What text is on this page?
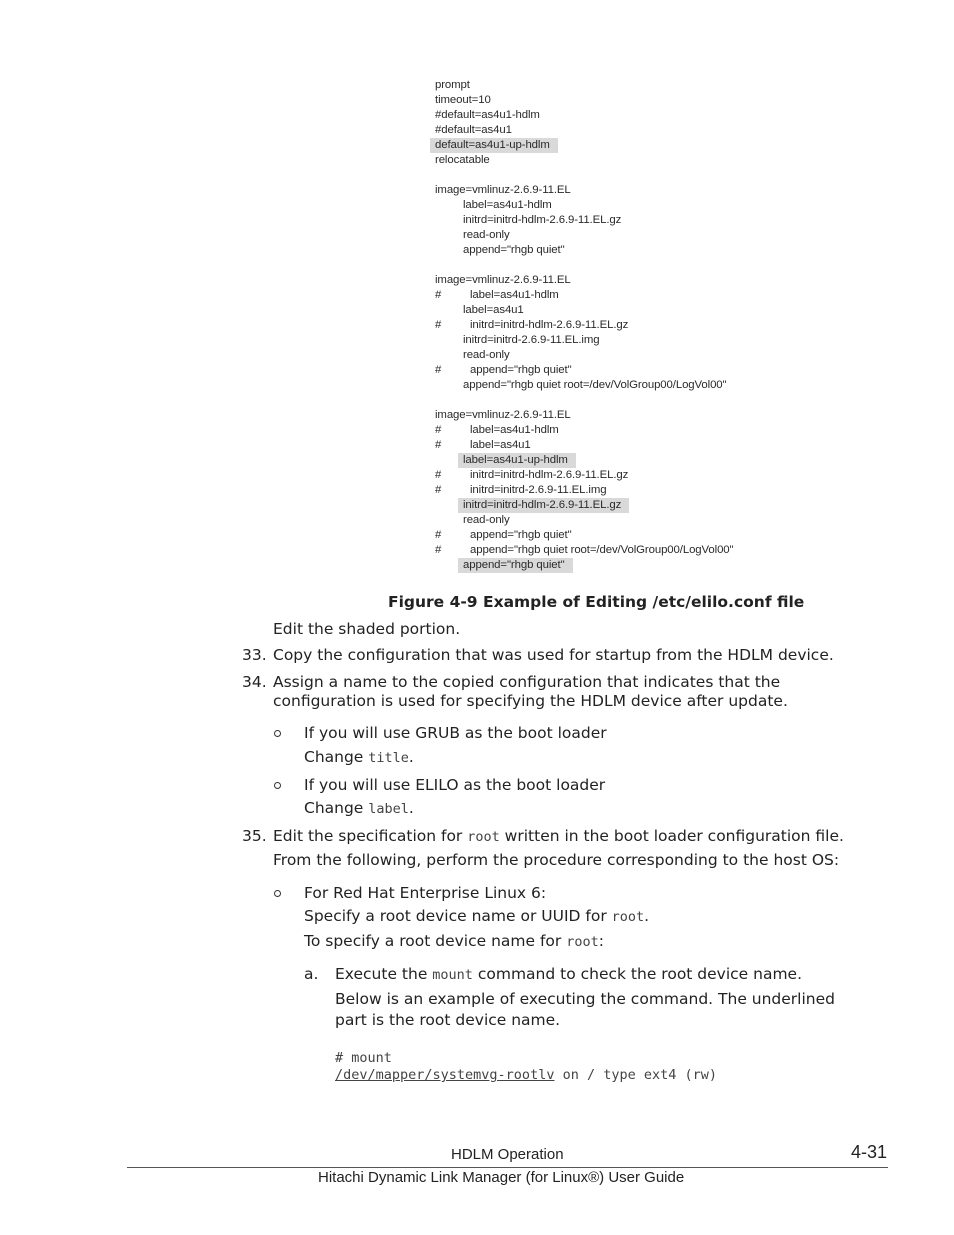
prompt
timeout=10
#default=as4u1-hdlm
#default=as4u1
default=as4u1-up-hdlm
relocatable
image=vmlinuz-2.6.9-11.EL
label=as4u1-hdlm
initrd=initrd-hdlm-2.6.9-11.EL.gz
read-only
append="rhgb quiet"
image=vmlinuz-2.6.9-11.EL
#	label=as4u1-hdlm
label=as4u1
#	initrd=initrd-hdlm-2.6.9-11.EL.gz
initrd=initrd-2.6.9-11.EL.img
read-only
#	append="rhgb quiet"
append="rhgb quiet root=/dev/VolGroup00/LogVol00"
image=vmlinuz-2.6.9-11.EL
#	label=as4u1-hdlm
#	label=as4u1
label=as4u1-up-hdlm
#	initrd=initrd-hdlm-2.6.9-11.EL.gz
#	initrd=initrd-2.6.9-11.EL.img
initrd=initrd-hdlm-2.6.9-11.EL.gz
read-only
#	append="rhgb quiet"
#	append="rhgb quiet root=/dev/VolGroup00/LogVol00"
append="rhgb quiet"
Figure 4-9 Example of Editing /etc/elilo.conf file
Edit the shaded portion.
33. Copy the configuration that was used for startup from the HDLM device.
34. Assign a name to the copied configuration that indicates that the
configuration is used for specifying the HDLM device after update.
If you will use GRUB as the boot loader
Change title.
If you will use ELILO as the boot loader
Change label.
35. Edit the specification for root written in the boot loader configuration file.
From the following, perform the procedure corresponding to the host OS:
For Red Hat Enterprise Linux 6:
Specify a root device name or UUID for root.
To specify a root device name for root:
a. Execute the mount command to check the root device name.
Below is an example of executing the command. The underlined
part is the root device name.
# mount
/dev/mapper/systemvg-rootlv on / type ext4 (rw)
HDLM Operation	4-31
Hitachi Dynamic Link Manager (for Linux®) User Guide
